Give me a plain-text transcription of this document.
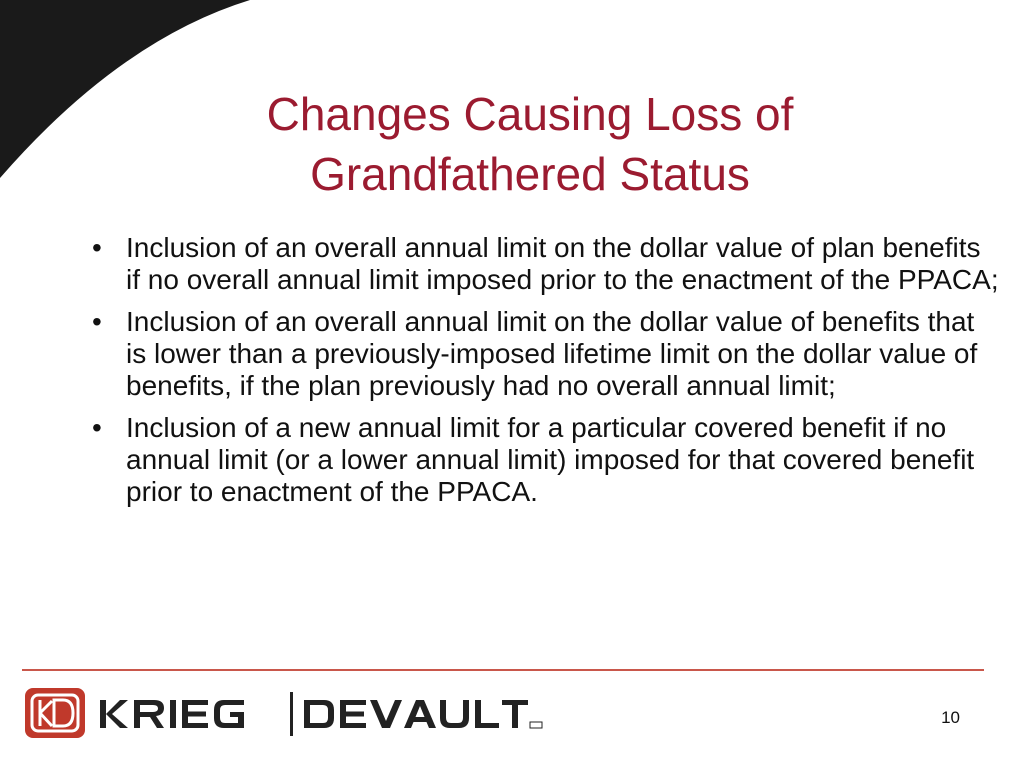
Changes Causing Loss of
Grandfathered Status
• Inclusion of an overall annual limit on the dollar value of plan benefits if no overall annual limit imposed prior to the enactment of the PPACA;
• Inclusion of an overall annual limit on the dollar value of benefits that is lower than a previously-imposed lifetime limit on the dollar value of benefits, if the plan previously had no overall annual limit;
• Inclusion of a new annual limit for a particular covered benefit if no annual limit (or a lower annual limit) imposed for that covered benefit prior to enactment of the PPACA.
10
